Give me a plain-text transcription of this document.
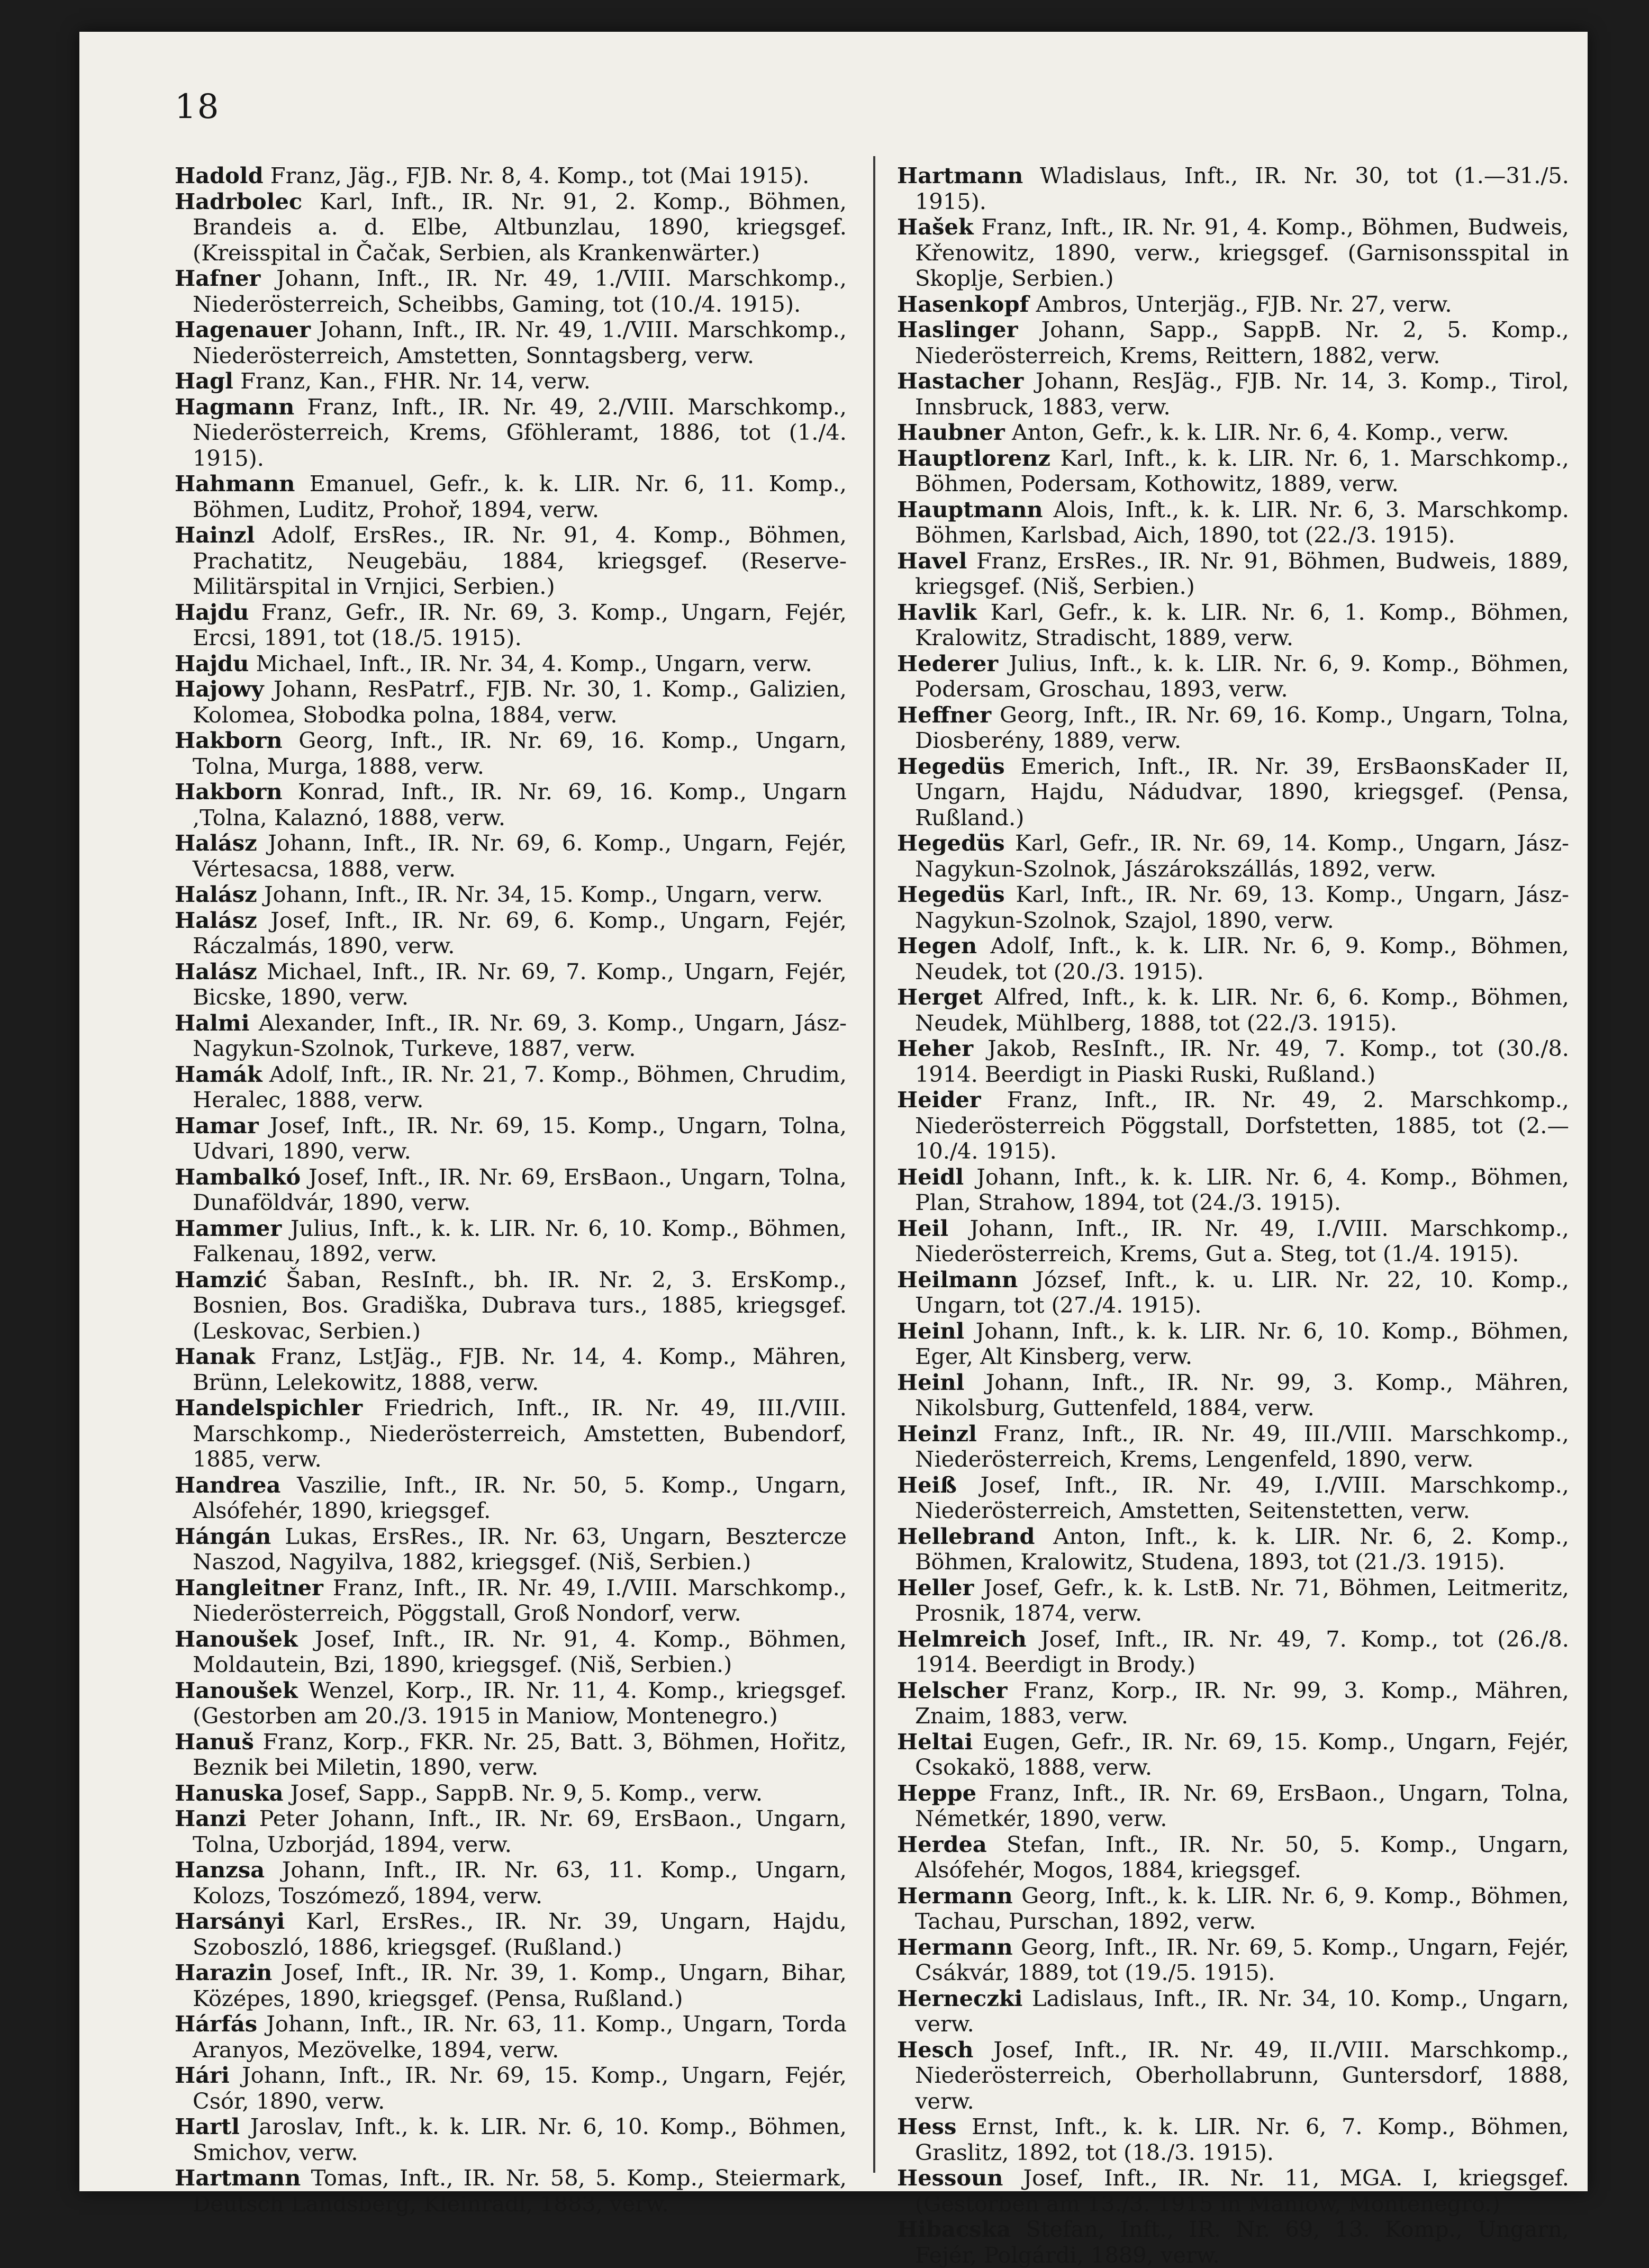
18

Hadold Franz, Jäg., FJB. Nr. 8, 4. Komp., tot (Mai 1915).

Hadrbolec Karl, Inft., IR. Nr. 91, 2. Komp., Böhmen, Brandeis a. d. Elbe, Altbunzlau, 1890, kriegsgef. (Kreisspital in Čačak, Serbien, als Krankenwärter.)

Hafner Johann, Inft., IR. Nr. 49, 1./VIII. Marschkomp., Niederösterreich, Scheibbs, Gaming, tot (10./4. 1915).

Hagenauer Johann, Inft., IR. Nr. 49, 1./VIII. Marschkomp., Niederösterreich, Amstetten, Sonntagsberg, verw.

Hagl Franz, Kan., FHR. Nr. 14, verw.

Hagmann Franz, Inft., IR. Nr. 49, 2./VIII. Marschkomp., Niederösterreich, Krems, Gföhleramt, 1886, tot (1./4. 1915).

Hahmann Emanuel, Gefr., k. k. LIR. Nr. 6, 11. Komp., Böhmen, Luditz, Prohoř, 1894, verw.

Hainzl Adolf, ErsRes., IR. Nr. 91, 4. Komp., Böhmen, Prachatitz, Neugebäu, 1884, kriegsgef. (Reserve-Militärspital in Vrnjici, Serbien.)

Hajdu Franz, Gefr., IR. Nr. 69, 3. Komp., Ungarn, Fejér, Ercsi, 1891, tot (18./5. 1915).

Hajdu Michael, Inft., IR. Nr. 34, 4. Komp., Ungarn, verw.

Hajowy Johann, ResPatrf., FJB. Nr. 30, 1. Komp., Galizien, Kolomea, Słobodka polna, 1884, verw.

Hakborn Georg, Inft., IR. Nr. 69, 16. Komp., Ungarn, Tolna, Murga, 1888, verw.

Hakborn Konrad, Inft., IR. Nr. 69, 16. Komp., Ungarn ,Tolna, Kalaznó, 1888, verw.

Halász Johann, Inft., IR. Nr. 69, 6. Komp., Ungarn, Fejér, Vértesacsa, 1888, verw.

Halász Johann, Inft., IR. Nr. 34, 15. Komp., Ungarn, verw.

Halász Josef, Inft., IR. Nr. 69, 6. Komp., Ungarn, Fejér, Ráczalmás, 1890, verw.

Halász Michael, Inft., IR. Nr. 69, 7. Komp., Ungarn, Fejér, Bicske, 1890, verw.

Halmi Alexander, Inft., IR. Nr. 69, 3. Komp., Ungarn, Jász-Nagykun-Szolnok, Turkeve, 1887, verw.

Hamák Adolf, Inft., IR. Nr. 21, 7. Komp., Böhmen, Chrudim, Heralec, 1888, verw.

Hamar Josef, Inft., IR. Nr. 69, 15. Komp., Ungarn, Tolna, Udvari, 1890, verw.

Hambalkó Josef, Inft., IR. Nr. 69, ErsBaon., Ungarn, Tolna, Dunaföldvár, 1890, verw.

Hammer Julius, Inft., k. k. LIR. Nr. 6, 10. Komp., Böhmen, Falkenau, 1892, verw.

Hamzić Šaban, ResInft., bh. IR. Nr. 2, 3. ErsKomp., Bosnien, Bos. Gradiška, Dubrava turs., 1885, kriegsgef. (Leskovac, Serbien.)

Hanak Franz, LstJäg., FJB. Nr. 14, 4. Komp., Mähren, Brünn, Lelekowitz, 1888, verw.

Handelspichler Friedrich, Inft., IR. Nr. 49, III./VIII. Marschkomp., Niederösterreich, Amstetten, Bubendorf, 1885, verw.

Handrea Vaszilie, Inft., IR. Nr. 50, 5. Komp., Ungarn, Alsófehér, 1890, kriegsgef.

Hángán Lukas, ErsRes., IR. Nr. 63, Ungarn, Besztercze Naszod, Nagyilva, 1882, kriegsgef. (Niš, Serbien.)

Hangleitner Franz, Inft., IR. Nr. 49, I./VIII. Marschkomp., Niederösterreich, Pöggstall, Groß Nondorf, verw.

Hanoušek Josef, Inft., IR. Nr. 91, 4. Komp., Böhmen, Moldautein, Bzi, 1890, kriegsgef. (Niš, Serbien.)

Hanoušek Wenzel, Korp., IR. Nr. 11, 4. Komp., kriegsgef. (Gestorben am 20./3. 1915 in Maniow, Montenegro.)

Hanuš Franz, Korp., FKR. Nr. 25, Batt. 3, Böhmen, Hořitz, Beznik bei Miletin, 1890, verw.

Hanuska Josef, Sapp., SappB. Nr. 9, 5. Komp., verw.

Hanzi Peter Johann, Inft., IR. Nr. 69, ErsBaon., Ungarn, Tolna, Uzborjád, 1894, verw.

Hanzsa Johann, Inft., IR. Nr. 63, 11. Komp., Ungarn, Kolozs, Toszómező, 1894, verw.

Harsányi Karl, ErsRes., IR. Nr. 39, Ungarn, Hajdu, Szoboszló, 1886, kriegsgef. (Rußland.)

Harazin Josef, Inft., IR. Nr. 39, 1. Komp., Ungarn, Bihar, Középes, 1890, kriegsgef. (Pensa, Rußland.)

Hárfás Johann, Inft., IR. Nr. 63, 11. Komp., Ungarn, Torda Aranyos, Mezövelke, 1894, verw.

Hári Johann, Inft., IR. Nr. 69, 15. Komp., Ungarn, Fejér, Csór, 1890, verw.

Hartl Jaroslav, Inft., k. k. LIR. Nr. 6, 10. Komp., Böhmen, Smichov, verw.

Hartmann Tomas, Inft., IR. Nr. 58, 5. Komp., Steiermark, Deutsch Landsberg, Kleinradl, 1883, verw.

Hartmann Wladislaus, Inft., IR. Nr. 30, tot (1.—31./5. 1915).

Hašek Franz, Inft., IR. Nr. 91, 4. Komp., Böhmen, Budweis, Křenowitz, 1890, verw., kriegsgef. (Garnisonsspital in Skoplje, Serbien.)

Hasenkopf Ambros, Unterjäg., FJB. Nr. 27, verw.

Haslinger Johann, Sapp., SappB. Nr. 2, 5. Komp., Niederösterreich, Krems, Reittern, 1882, verw.

Hastacher Johann, ResJäg., FJB. Nr. 14, 3. Komp., Tirol, Innsbruck, 1883, verw.

Haubner Anton, Gefr., k. k. LIR. Nr. 6, 4. Komp., verw.

Hauptlorenz Karl, Inft., k. k. LIR. Nr. 6, 1. Marschkomp., Böhmen, Podersam, Kothowitz, 1889, verw.

Hauptmann Alois, Inft., k. k. LIR. Nr. 6, 3. Marschkomp. Böhmen, Karlsbad, Aich, 1890, tot (22./3. 1915).

Havel Franz, ErsRes., IR. Nr. 91, Böhmen, Budweis, 1889, kriegsgef. (Niš, Serbien.)

Havlik Karl, Gefr., k. k. LIR. Nr. 6, 1. Komp., Böhmen, Kralowitz, Stradischt, 1889, verw.

Hederer Julius, Inft., k. k. LIR. Nr. 6, 9. Komp., Böhmen, Podersam, Groschau, 1893, verw.

Heffner Georg, Inft., IR. Nr. 69, 16. Komp., Ungarn, Tolna, Diosberény, 1889, verw.

Hegedüs Emerich, Inft., IR. Nr. 39, ErsBaonsKader II, Ungarn, Hajdu, Nádudvar, 1890, kriegsgef. (Pensa, Rußland.)

Hegedüs Karl, Gefr., IR. Nr. 69, 14. Komp., Ungarn, Jász-Nagykun-Szolnok, Jászárokszállás, 1892, verw.

Hegedüs Karl, Inft., IR. Nr. 69, 13. Komp., Ungarn, Jász-Nagykun-Szolnok, Szajol, 1890, verw.

Hegen Adolf, Inft., k. k. LIR. Nr. 6, 9. Komp., Böhmen, Neudek, tot (20./3. 1915).

Herget Alfred, Inft., k. k. LIR. Nr. 6, 6. Komp., Böhmen, Neudek, Mühlberg, 1888, tot (22./3. 1915).

Heher Jakob, ResInft., IR. Nr. 49, 7. Komp., tot (30./8. 1914. Beerdigt in Piaski Ruski, Rußland.)

Heider Franz, Inft., IR. Nr. 49, 2. Marschkomp., Niederösterreich Pöggstall, Dorfstetten, 1885, tot (2.—10./4. 1915).

Heidl Johann, Inft., k. k. LIR. Nr. 6, 4. Komp., Böhmen, Plan, Strahow, 1894, tot (24./3. 1915).

Heil Johann, Inft., IR. Nr. 49, I./VIII. Marschkomp., Niederösterreich, Krems, Gut a. Steg, tot (1./4. 1915).

Heilmann József, Inft., k. u. LIR. Nr. 22, 10. Komp., Ungarn, tot (27./4. 1915).

Heinl Johann, Inft., k. k. LIR. Nr. 6, 10. Komp., Böhmen, Eger, Alt Kinsberg, verw.

Heinl Johann, Inft., IR. Nr. 99, 3. Komp., Mähren, Nikolsburg, Guttenfeld, 1884, verw.

Heinzl Franz, Inft., IR. Nr. 49, III./VIII. Marschkomp., Niederösterreich, Krems, Lengenfeld, 1890, verw.

Heiß Josef, Inft., IR. Nr. 49, I./VIII. Marschkomp., Niederösterreich, Amstetten, Seitenstetten, verw.

Hellebrand Anton, Inft., k. k. LIR. Nr. 6, 2. Komp., Böhmen, Kralowitz, Studena, 1893, tot (21./3. 1915).

Heller Josef, Gefr., k. k. LstB. Nr. 71, Böhmen, Leitmeritz, Prosnik, 1874, verw.

Helmreich Josef, Inft., IR. Nr. 49, 7. Komp., tot (26./8. 1914. Beerdigt in Brody.)

Helscher Franz, Korp., IR. Nr. 99, 3. Komp., Mähren, Znaim, 1883, verw.

Heltai Eugen, Gefr., IR. Nr. 69, 15. Komp., Ungarn, Fejér, Csokakö, 1888, verw.

Heppe Franz, Inft., IR. Nr. 69, ErsBaon., Ungarn, Tolna, Németkér, 1890, verw.

Herdea Stefan, Inft., IR. Nr. 50, 5. Komp., Ungarn, Alsófehér, Mogos, 1884, kriegsgef.

Hermann Georg, Inft., k. k. LIR. Nr. 6, 9. Komp., Böhmen, Tachau, Purschan, 1892, verw.

Hermann Georg, Inft., IR. Nr. 69, 5. Komp., Ungarn, Fejér, Csákvár, 1889, tot (19./5. 1915).

Herneczki Ladislaus, Inft., IR. Nr. 34, 10. Komp., Ungarn, verw.

Hesch Josef, Inft., IR. Nr. 49, II./VIII. Marschkomp., Niederösterreich, Oberhollabrunn, Guntersdorf, 1888, verw.

Hess Ernst, Inft., k. k. LIR. Nr. 6, 7. Komp., Böhmen, Graslitz, 1892, tot (18./3. 1915).

Hessoun Josef, Inft., IR. Nr. 11, MGA. I, kriegsgef. (Gestorben am 13./3. 1915 in Maniow, Montenegro.)

Hibacska Stefan, Inft., IR. Nr. 69, 13. Komp., Ungarn, Fejér, Polgárdi, 1889, verw.
